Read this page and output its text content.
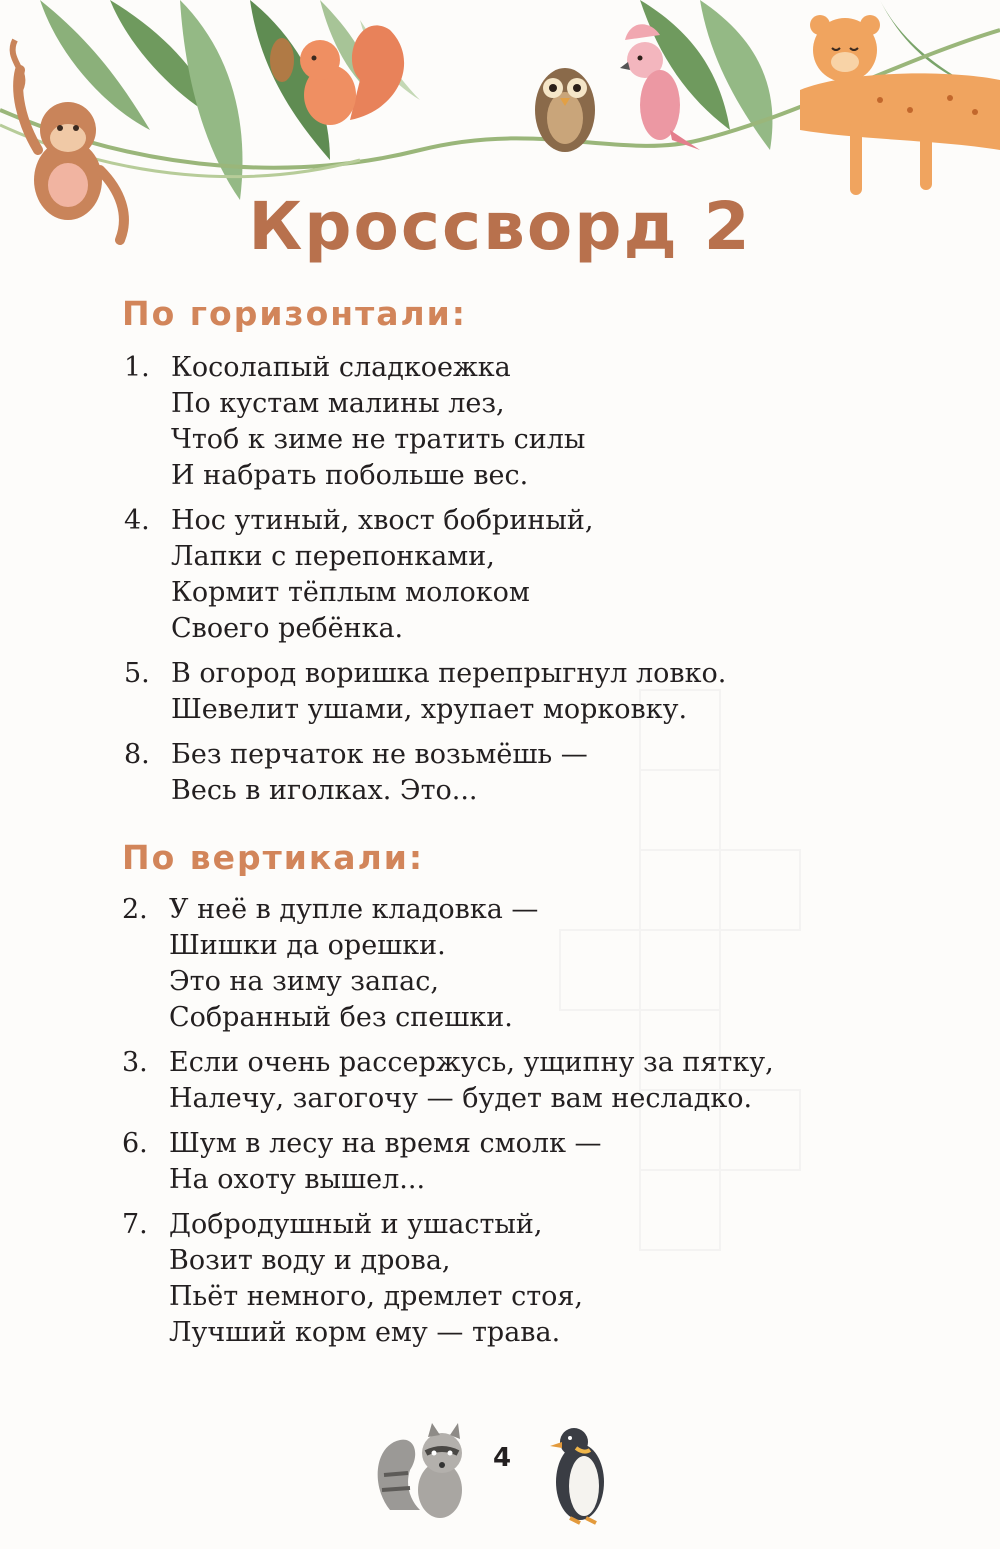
Кроссворд 2
По горизонтали:
1. Косолапый сладкоежка
По кустам малины лез,
Чтоб к зиме не тратить силы
И набрать побольше вес.
4. Нос утиный, хвост бобриный,
Лапки с перепонками,
Кормит тёплым молоком
Своего ребёнка.
5. В огород воришка перепрыгнул ловко.
Шевелит ушами, хрупает морковку.
8. Без перчаток не возьмёшь —
Весь в иголках. Это...
По вертикали:
2. У неё в дупле кладовка —
Шишки да орешки.
Это на зиму запас,
Собранный без спешки.
3. Если очень рассержусь, ущипну за пятку,
Налечу, загогочу — будет вам несладко.
6. Шум в лесу на время смолк —
На охоту вышел...
7. Добродушный и ушастый,
Возит воду и дрова,
Пьёт немного, дремлет стоя,
Лучший корм ему — трава.
4
